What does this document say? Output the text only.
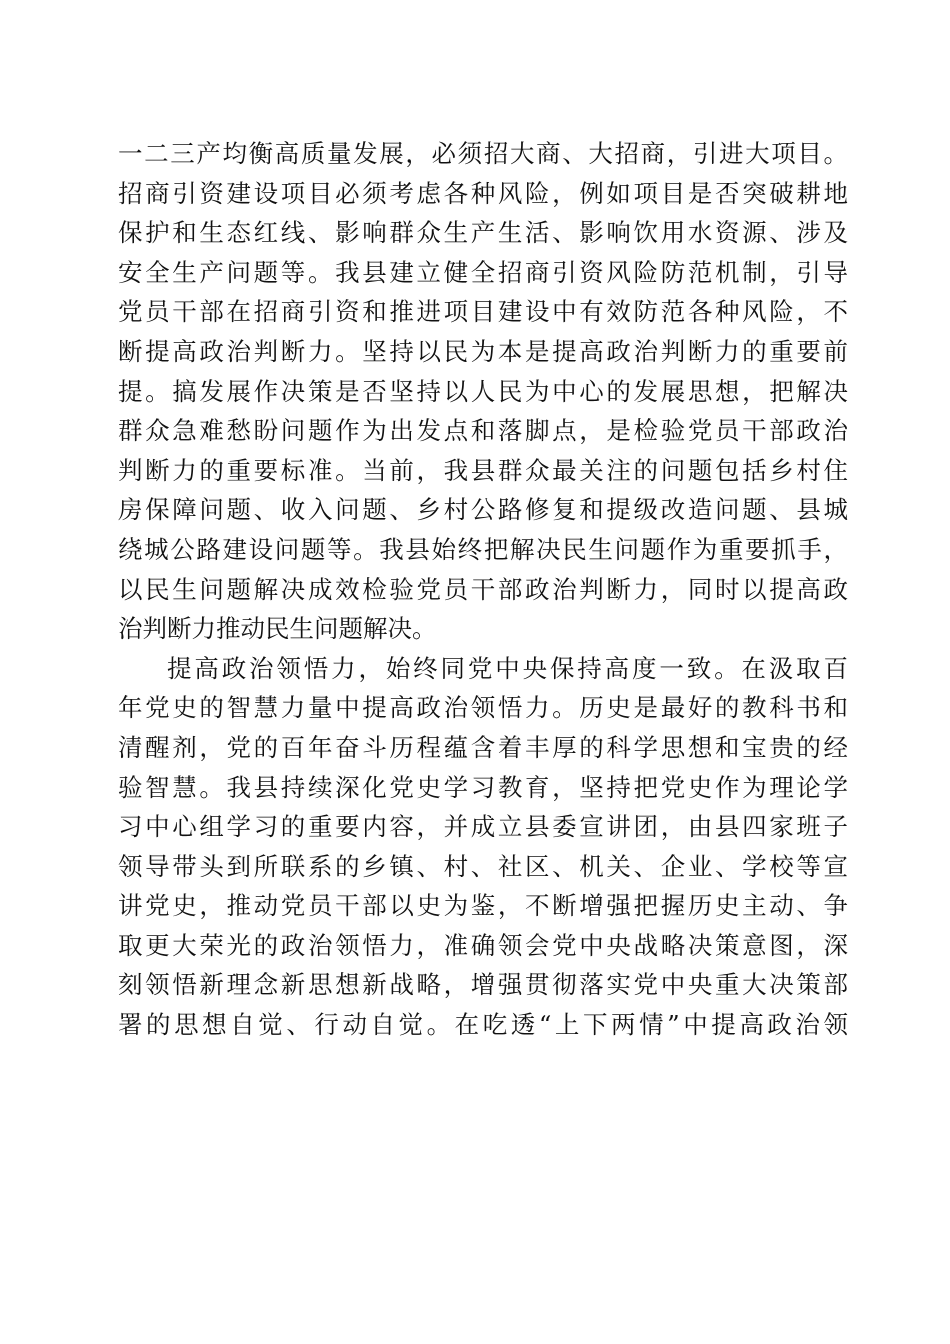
一二三产均衡高质量发展，必须招大商、大招商，引进大项目。
招商引资建设项目必须考虑各种风险，例如项目是否突破耕地
保护和生态红线、影响群众生产生活、影响饮用水资源、涉及
安全生产问题等。我县建立健全招商引资风险防范机制，引导
党员干部在招商引资和推进项目建设中有效防范各种风险，不
断提高政治判断力。坚持以民为本是提高政治判断力的重要前
提。搞发展作决策是否坚持以人民为中心的发展思想，把解决
群众急难愁盼问题作为出发点和落脚点，是检验党员干部政治
判断力的重要标准。当前，我县群众最关注的问题包括乡村住
房保障问题、收入问题、乡村公路修复和提级改造问题、县城
绕城公路建设问题等。我县始终把解决民生问题作为重要抓手，
以民生问题解决成效检验党员干部政治判断力，同时以提高政
治判断力推动民生问题解决。
提高政治领悟力，始终同党中央保持高度一致。在汲取百
年党史的智慧力量中提高政治领悟力。历史是最好的教科书和
清醒剂，党的百年奋斗历程蕴含着丰厚的科学思想和宝贵的经
验智慧。我县持续深化党史学习教育，坚持把党史作为理论学
习中心组学习的重要内容，并成立县委宣讲团，由县四家班子
领导带头到所联系的乡镇、村、社区、机关、企业、学校等宣
讲党史，推动党员干部以史为鉴，不断增强把握历史主动、争
取更大荣光的政治领悟力，准确领会党中央战略决策意图，深
刻领悟新理念新思想新战略，增强贯彻落实党中央重大决策部
署的思想自觉、行动自觉。在吃透“上下两情”中提高政治领
